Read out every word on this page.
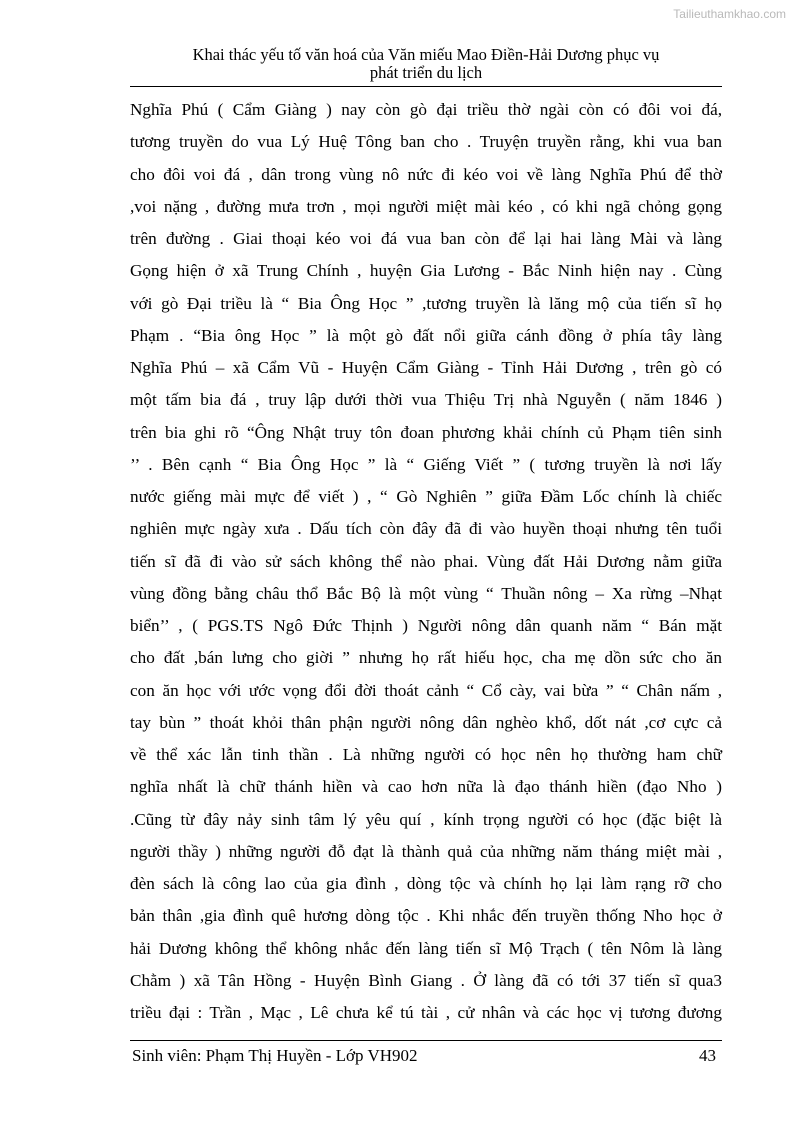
Tailieuthamkhao.com
Khai thác yếu tố văn hoá của Văn miếu Mao Điền-Hải Dương phục vụ
phát triển du lịch
Nghĩa Phú ( Cẩm Giàng ) nay còn gò đại triều thờ ngài còn có đôi voi đá,
tương truyền do vua Lý Huệ Tông ban cho . Truyện truyền rằng, khi vua ban
cho đôi voi đá , dân trong vùng nô nức đi kéo voi về làng Nghĩa Phú để thờ
,voi nặng , đường mưa trơn , mọi người miệt mài kéo , có khi ngã chỏng gọng
trên đường . Giai thoại kéo voi đá vua ban còn để lại hai làng Mài và làng
Gọng hiện ở xã Trung Chính , huyện Gia Lương - Bắc Ninh hiện nay . Cùng
với gò Đại triều là “ Bia Ông Học ” ,tương truyền là lăng mộ của tiến sĩ họ
Phạm . “Bia ông Học ” là một gò đất nổi giữa cánh đồng ở phía tây làng
Nghĩa Phú – xã Cẩm Vũ - Huyện Cẩm Giàng - Tỉnh Hải Dương , trên gò có
một tấm bia đá , truy lập dưới thời vua Thiệu Trị nhà Nguyễn ( năm 1846 )
trên bia ghi rõ “Ông Nhật truy tôn đoan phương khải chính củ Phạm tiên sinh
’’ . Bên cạnh “ Bia Ông Học ” là “ Giếng Viết ” ( tương truyền là nơi lấy
nước giếng mài mực để viết ) , “ Gò Nghiên ” giữa Đầm Lốc chính là chiếc
nghiên mực ngày xưa . Dấu tích còn đây đã đi vào huyền thoại nhưng tên tuổi
tiến sĩ đã đi vào sử sách không thể nào phai. Vùng đất Hải Dương nằm giữa
vùng đồng bằng châu thổ Bắc Bộ là một vùng “ Thuần nông – Xa rừng –Nhạt
biển’’ , ( PGS.TS Ngô Đức Thịnh ) Người nông dân quanh năm “ Bán mặt
cho đất ,bán lưng cho giời ” nhưng họ rất hiếu học, cha mẹ dồn sức cho ăn
con ăn học với ước vọng đổi đời thoát cảnh “ Cổ cày, vai bừa ” “ Chân nấm ,
tay bùn ” thoát khỏi thân phận người nông dân nghèo khổ, dốt nát ,cơ cực cả
về thể xác lẫn tinh thần . Là những người có học nên họ thường ham chữ
nghĩa nhất là chữ thánh hiền và cao hơn nữa là đạo thánh hiền (đạo Nho )
.Cũng từ đây nảy sinh tâm lý yêu quí , kính trọng người có học (đặc biệt là
người thầy ) những người đỗ đạt là thành quả của những năm tháng miệt mài ,
đèn sách là công lao của gia đình , dòng tộc và chính họ lại làm rạng rỡ cho
bản thân ,gia đình quê hương dòng tộc . Khi nhắc đến truyền thống Nho học ở
hải Dương không thể không nhắc đến làng tiến sĩ Mộ Trạch ( tên Nôm là làng
Chằm ) xã Tân Hồng - Huyện Bình Giang . Ở làng đã có tới 37 tiến sĩ qua3
triều đại : Trần , Mạc , Lê chưa kể tú tài , cử nhân và các học vị tương đương
Sinh viên: Phạm Thị Huyền - Lớp VH902	43
